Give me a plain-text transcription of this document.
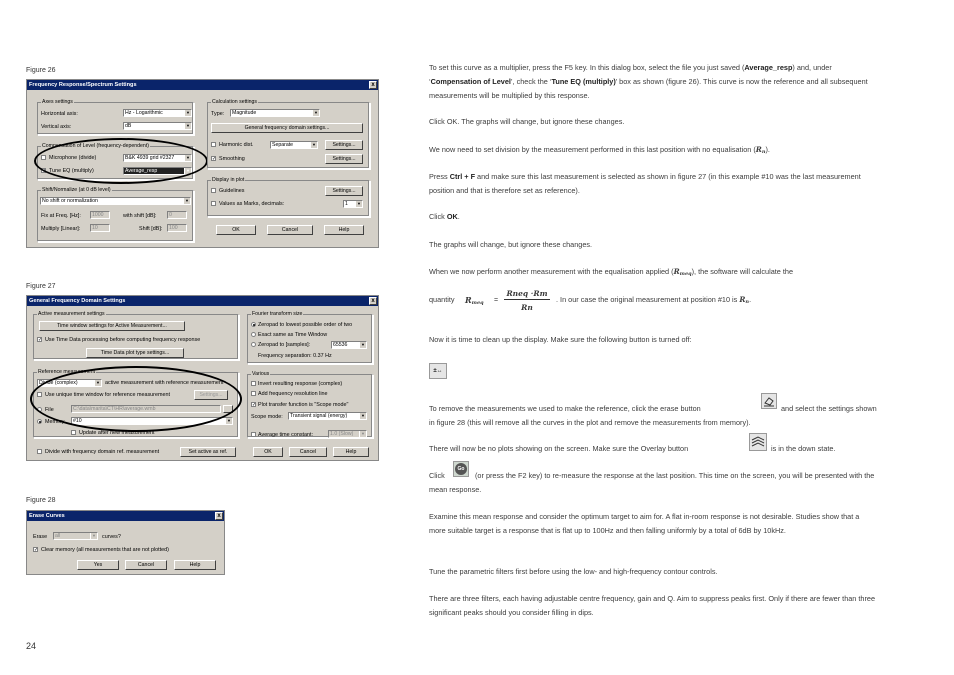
Figure 26
Figure 27
Figure 28
Frequency Response/Spectrum Settings	x
Axes settings
Horizontal axis:	Hz - Logarithmic	▼
Vertical axis:	dB	▼
Compensation of Level (frequency-dependent)
Microphone (divide)	B&K 4939 grid #2327	▼
✓ Tune EQ (multiply)	Average_resp	▼
Shift/Normalize (at 0 dB level)
No shift or normalization	▼
Fix at Freq. [Hz]:	1000	with shift [dB]:	0
Multiply [Linear]:	10	Shift [dB]:	100
Calculation settings
Type:	Magnitude	▼
General frequency domain settings...
Harmonic dist.	Separate	▼	Settings...
✓ Smoothing	Settings...
Display in plot
Guidelines	Settings...
Values as Marks, decimals:	1	▼
OK	Cancel	Help
General Frequency Domain Settings	x
Active measurement settings
Time window settings for Active Measurement...
✓ Use Time Data processing before computing frequency response
Time Data plot type settings...
Reference measurement
Divide (complex)	▼ active measurement with reference measurement
Use unique time window for reference measurement	Settings...
File	C:\data\marita\CT\HR\average.wmb
Memory	#10	▼
Update after new measurement
Divide with frequency domain ref. measurement	Set active as ref.
Fourier transform size
Zeropad to lowest possible order of two
Exact same as Time Window
Zeropad to [samples]:	65536	▼
Frequency separation: 0.37 Hz
Various
Invert resulting response (complex)
Add frequency resolution line
✓ Plot transfer function is "Scope mode"
Scope mode:	Transient signal (energy)	▼
Average time constant:	1.0 (Slow)	▼
OK	Cancel	Help
Erase Curves	x
Erase	all	▼ curves?
✓ Clear memory (all measurements that are not plotted)
Yes	Cancel	Help
24
To set this curve as a multiplier, press the F5 key. In this dialog box, select the file you just saved (Average_resp) and, under ‘Compensation of Level’, check the ‘Tune EQ (multiply)’ box as shown (figure 26). This curve is now the reference and all subsequent measurements will be multiplied by this response.
Click OK. The graphs will change, but ignore these changes.
We now need to set division by the measurement performed in this last position with no equalisation $(R_n)$.
Press Ctrl + F and make sure this last measurement is selected as shown in figure 27 (in this example #10 was the last measurement position and that is therefore set as reference).
Click OK.
The graphs will change, but ignore these changes.
When we now perform another measurement with the equalisation applied $(R_{meq})$, the software will calculate the
quantity	$R_{meq}$ =
Rneq ·Rm
Rn
. In our case the original measurement at position #10 is $R_n$.
Now it is time to clean up the display. Make sure the following button is turned off:
±↔
To remove the measurements we used to make the reference, click the erase button	and select the settings shown in figure 28 (this will remove all the curves in the plot and remove the measurements from memory).
There will now be no plots showing on the screen. Make sure the Overlay button	is in the down state.
Click
Go
(or press the F2 key) to re-measure the response at the last position. This time on the screen, you will be presented with the mean response.
Examine this mean response and consider the optimum target to aim for. A flat in-room response is not desirable. Studies show that a more suitable target is a response that is flat up to 100Hz and then falling uniformly by a total of 6dB by 10kHz.
Tune the parametric filters first before using the low- and high-frequency contour controls.
There are three filters, each having adjustable centre frequency, gain and Q. Aim to suppress peaks first. Only if there are fewer than three significant peaks should you consider filling in dips.
